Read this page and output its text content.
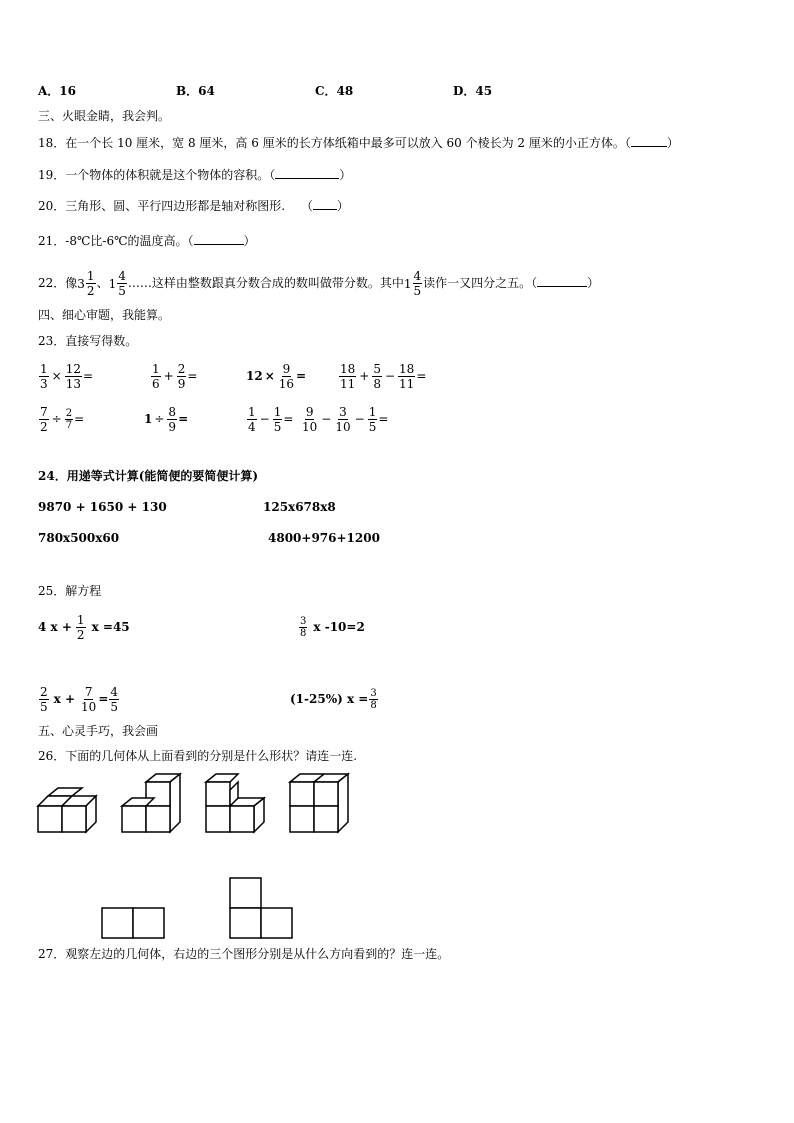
A．16	B．64	C．48	D．45
三、火眼金睛，我会判。
18．在一个长 10 厘米，宽 8 厘米，高 6 厘米的长方体纸箱中最多可以放入 60 个棱长为 2 厘米的小正方体。（	）
19．一个物体的体积就是这个物体的容积。（	）
20．三角形、圆、平行四边形都是轴对称图形.　 （ ）
21．-8℃比-6℃的温度高。（	）
22．像 $3 \frac{1}{2}$ 、 $1 \frac{4}{5}$ ……这样由整数跟真分数合成的数叫做带分数。其中 $1 \frac{4}{5}$ 读作一又四分之五。（	）
四、细心审题，我能算。
23．直接写得数。
$\frac{1}{3} \times \frac{12}{13}$ =	$\frac{1}{6} + \frac{2}{9}$ =	$12 \times \frac{9}{16}$ =	$\frac{18}{11} + \frac{5}{8} - \frac{18}{11}$ =
$\frac{7}{2} \div \frac{2}{7}$ =	$1 \div \frac{8}{9}$ =	$\frac{1}{4} - \frac{1}{5} = \frac{9}{10} - \frac{3}{10} - \frac{1}{5}$ =
24．用递等式计算(能简便的要简便计算)
9870 + 1650 + 130	125x678x8
780x500x60	4800+976+1200
25．解方程
4 $x + \frac{1}{2}$ x =45	$\frac{3}{8}$ x -10=2
$\frac{2}{5}$ $x + \frac{7}{10} = \frac{4}{5}$	(1-25%) $x = \frac{3}{8}$
五、心灵手巧，我会画
26．下面的几何体从上面看到的分别是什么形状？请连一连.
27．观察左边的几何体，右边的三个图形分别是从什么方向看到的？连一连。
